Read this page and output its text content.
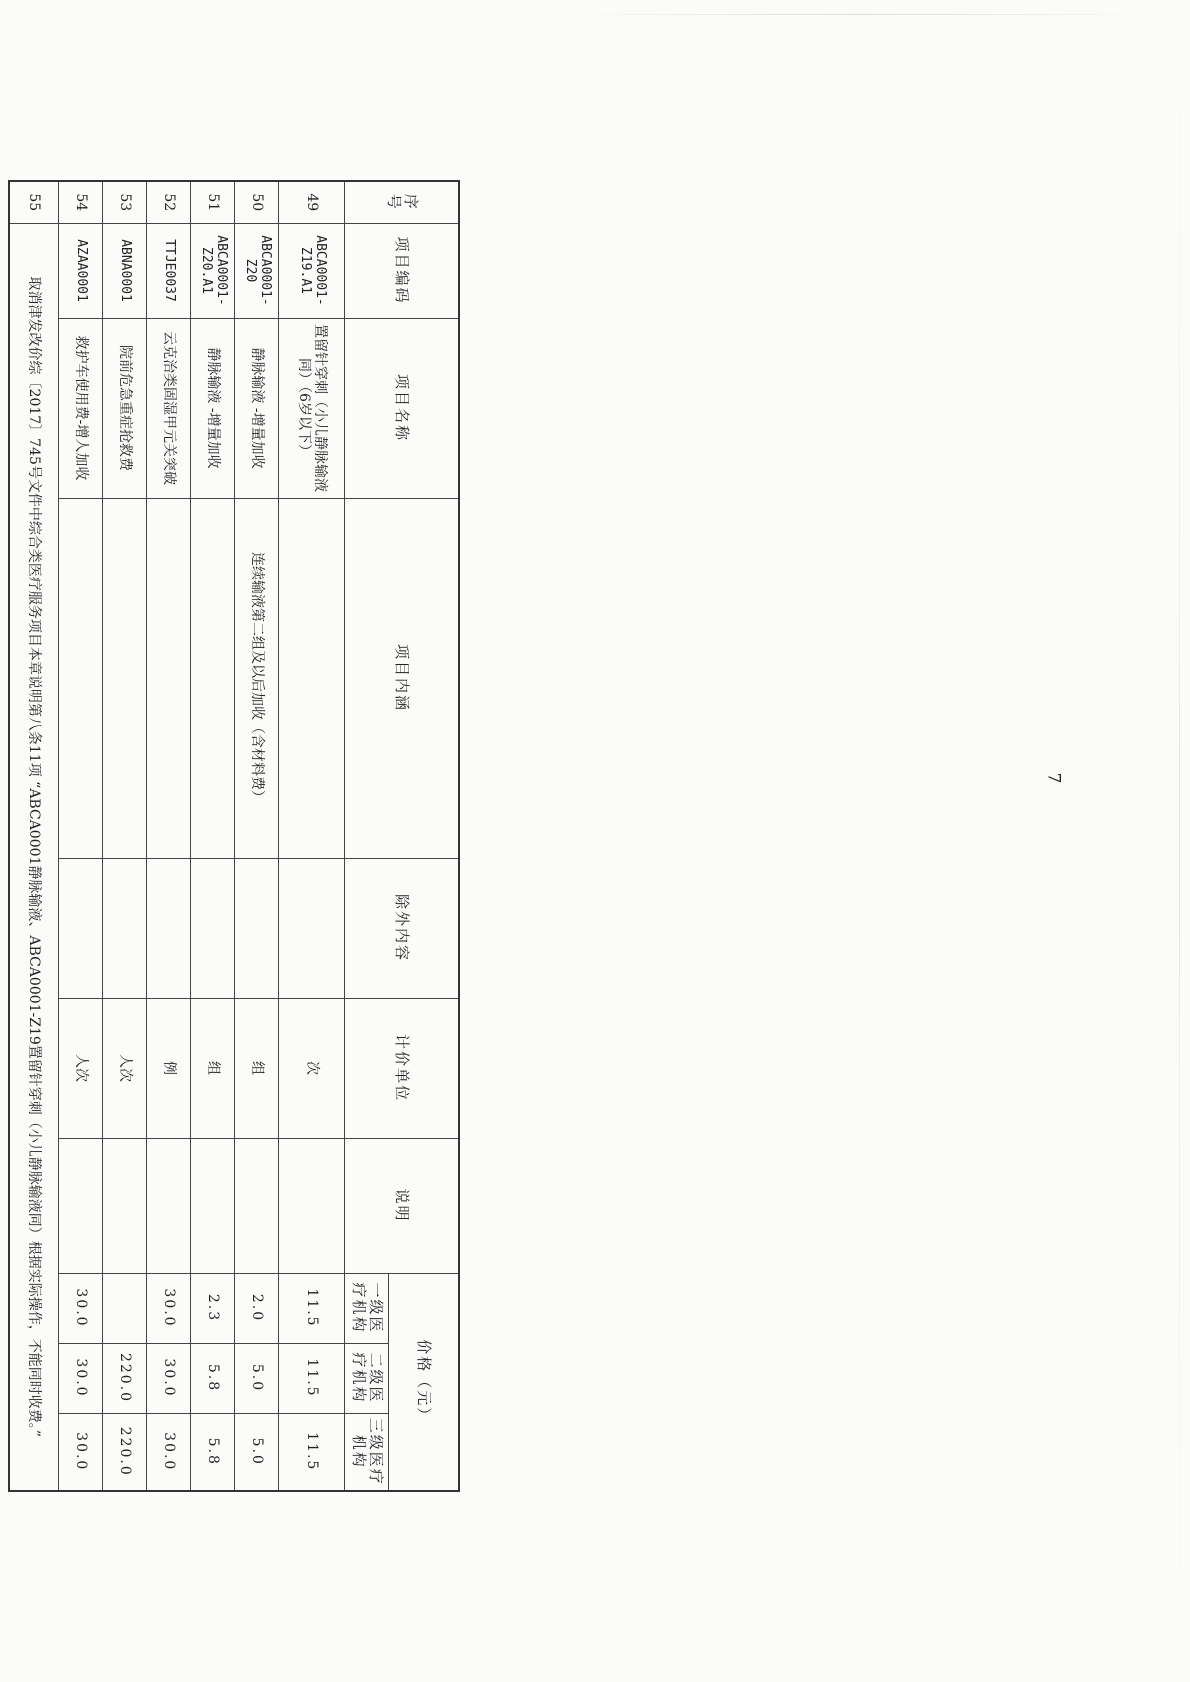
序号	项目编码	项目名称	项目内涵	除外内容	计价单位	说明	价格（元）		
							一级医疗机构	二级医疗机构	三级医疗机构
49	ABCA0001-Z19.A1	置留针穿刺（小儿静脉输液同）（6岁以下）			次		11.5	11.5	11.5
50	ABCA0001-Z20	静脉输液 -增量加收	连续输液第二组及以后加收（含材料费）		组		2.0	5.0	5.0
51	ABCA0001-Z20.A1	静脉输液 -增量加收			组		2.3	5.8	5.8
52	TTJE0037	云克治类固湿甲元关突破			例		30.0	30.0	30.0
53	ABNA0001	院前危急重症抢救费			人次			220.0	220.0
54	AZAA0001	救护车使用费-增人加收			人次		30.0	30.0	30.0
55	取消津发改价综〔2017〕745号文件中综合类医疗服务项目本章说明第八条11项 “ABCA0001静脉输液、ABCA0001-Z19置留针穿刺（小儿静脉输液同）根据实际操作，不能同时收费。”									7
